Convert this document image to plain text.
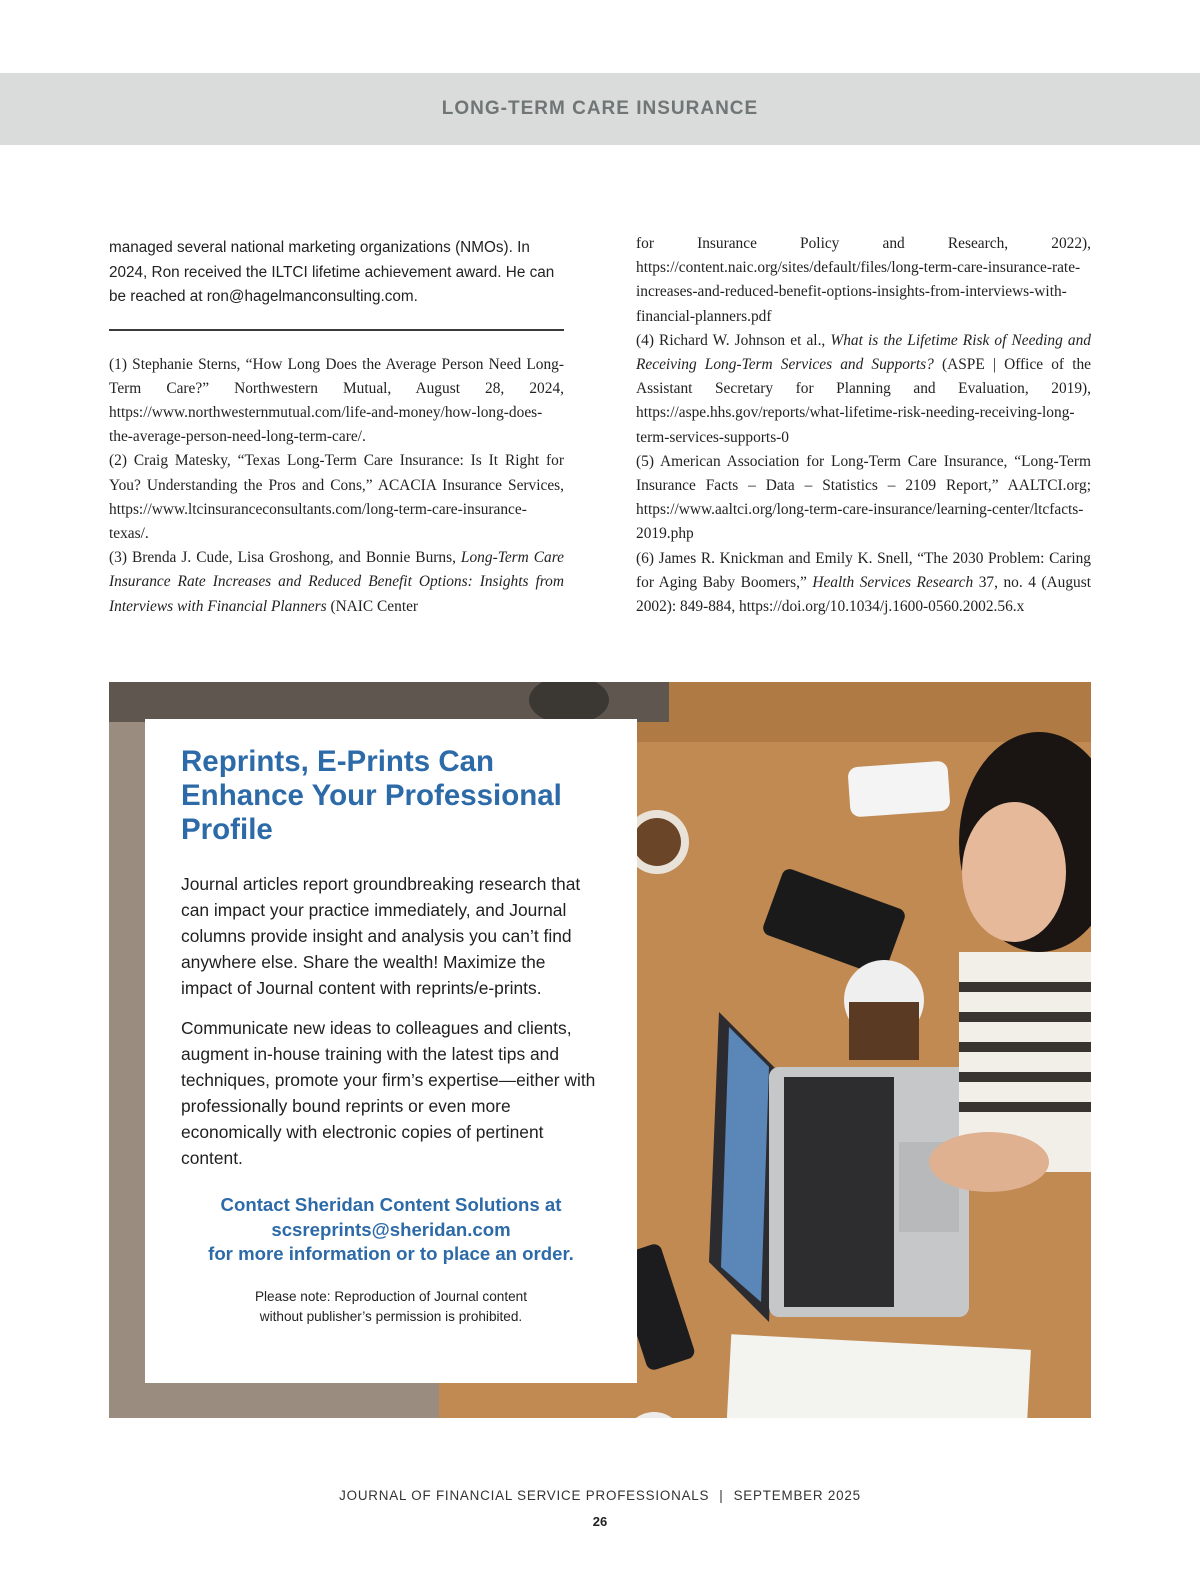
LONG-TERM CARE INSURANCE

managed several national marketing organizations (NMOs). In 2024, Ron received the ILTCI lifetime achievement award. He can be reached at ron@hagelmanconsulting.com.

(1) Stephanie Sterns, “How Long Does the Average Person Need Long-Term Care?” Northwestern Mutual, August 28, 2024, https://www.northwesternmutual.com/life-and-money/how-long-does-the-average-person-need-long-term-care/.

(2) Craig Matesky, “Texas Long-Term Care Insurance: Is It Right for You? Understanding the Pros and Cons,” ACACIA Insurance Services, https://www.ltcinsuranceconsultants.com/long-term-care-insurance-texas/.

(3) Brenda J. Cude, Lisa Groshong, and Bonnie Burns, Long-Term Care Insurance Rate Increases and Reduced Benefit Options: Insights from Interviews with Financial Planners (NAIC Center

for Insurance Policy and Research, 2022), https://content.naic.org/sites/default/files/long-term-care-insurance-rate-increases-and-reduced-benefit-options-insights-from-interviews-with-financial-planners.pdf

(4) Richard W. Johnson et al., What is the Lifetime Risk of Needing and Receiving Long-Term Services and Supports? (ASPE | Office of the Assistant Secretary for Planning and Evaluation, 2019), https://aspe.hhs.gov/reports/what-lifetime-risk-needing-receiving-long-term-services-supports-0

(5) American Association for Long-Term Care Insurance, “Long-Term Insurance Facts – Data – Statistics – 2109 Report,” AALTCI.org; https://www.aaltci.org/long-term-care-insurance/learning-center/ltcfacts-2019.php

(6) James R. Knickman and Emily K. Snell, “The 2030 Problem: Caring for Aging Baby Boomers,” Health Services Research 37, no. 4 (August 2002): 849-884, https://doi.org/10.1034/j.1600-0560.2002.56.x

Reprints, E-Prints Can Enhance Your Professional Profile

Journal articles report groundbreaking research that can impact your practice immediately, and Journal columns provide insight and analysis you can’t find anywhere else. Share the wealth! Maximize the impact of Journal content with reprints/e-prints.

Communicate new ideas to colleagues and clients, augment in-house training with the latest tips and techniques, promote your firm’s expertise—either with professionally bound reprints or even more economically with electronic copies of pertinent content.

Contact Sheridan Content Solutions at
scsreprints@sheridan.com
for more information or to place an order.
Please note: Reproduction of Journal content
without publisher’s permission is prohibited.
JOURNAL OF FINANCIAL SERVICE PROFESSIONALS | SEPTEMBER 2025
26
